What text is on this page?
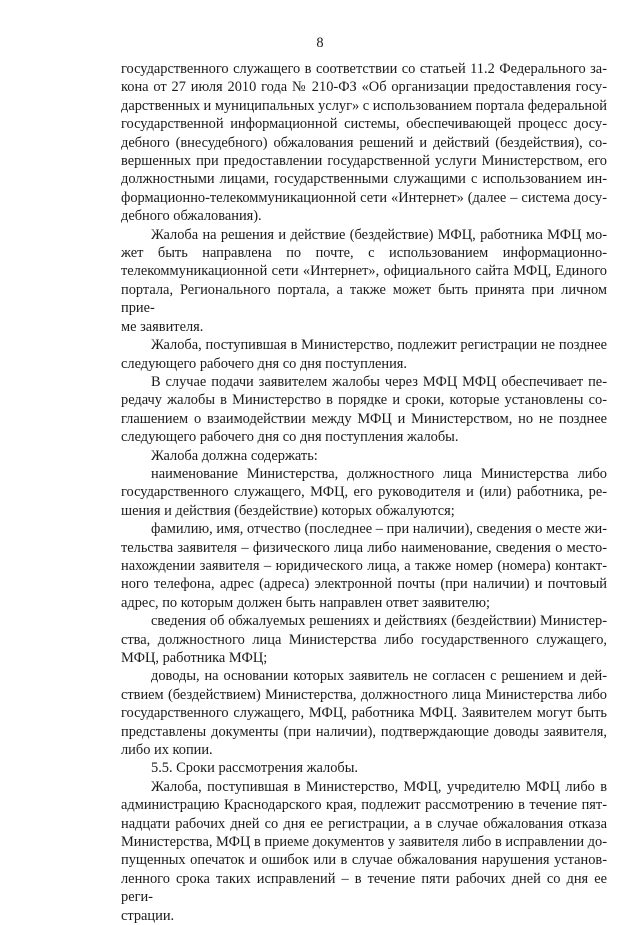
8
государственного служащего в соответствии со статьей 11.2 Федерального за-
кона от 27 июля 2010 года № 210-ФЗ «Об организации предоставления госу-
дарственных и муниципальных услуг» с использованием портала федеральной
государственной информационной системы, обеспечивающей процесс досу-
дебного (внесудебного) обжалования решений и действий (бездействия), со-
вершенных при предоставлении государственной услуги Министерством, его
должностными лицами, государственными служащими с использованием ин-
формационно-телекоммуникационной сети «Интернет» (далее – система досу-
дебного обжалования).
Жалоба на решения и действие (бездействие) МФЦ, работника МФЦ мо-
жет быть направлена по почте, с использованием информационно-
телекоммуникационной сети «Интернет», официального сайта МФЦ, Единого
портала, Регионального портала, а также может быть принята при личном прие-
ме заявителя.
Жалоба, поступившая в Министерство, подлежит регистрации не позднее
следующего рабочего дня со дня поступления.
В случае подачи заявителем жалобы через МФЦ МФЦ обеспечивает пе-
редачу жалобы в Министерство в порядке и сроки, которые установлены со-
глашением о взаимодействии между МФЦ и Министерством, но не позднее
следующего рабочего дня со дня поступления жалобы.
Жалоба должна содержать:
наименование Министерства, должностного лица Министерства либо
государственного служащего, МФЦ, его руководителя и (или) работника, ре-
шения и действия (бездействие) которых обжалуются;
фамилию, имя, отчество (последнее – при наличии), сведения о месте жи-
тельства заявителя – физического лица либо наименование, сведения о место-
нахождении заявителя – юридического лица, а также номер (номера) контакт-
ного телефона, адрес (адреса) электронной почты (при наличии) и почтовый
адрес, по которым должен быть направлен ответ заявителю;
сведения об обжалуемых решениях и действиях (бездействии) Министер-
ства, должностного лица Министерства либо государственного служащего,
МФЦ, работника МФЦ;
доводы, на основании которых заявитель не согласен с решением и дей-
ствием (бездействием) Министерства, должностного лица Министерства либо
государственного служащего, МФЦ, работника МФЦ. Заявителем могут быть
представлены документы (при наличии), подтверждающие доводы заявителя,
либо их копии.
5.5. Сроки рассмотрения жалобы.
Жалоба, поступившая в Министерство, МФЦ, учредителю МФЦ либо в
администрацию Краснодарского края, подлежит рассмотрению в течение пят-
надцати рабочих дней со дня ее регистрации, а в случае обжалования отказа
Министерства, МФЦ в приеме документов у заявителя либо в исправлении до-
пущенных опечаток и ошибок или в случае обжалования нарушения установ-
ленного срока таких исправлений – в течение пяти рабочих дней со дня ее реги-
страции.
